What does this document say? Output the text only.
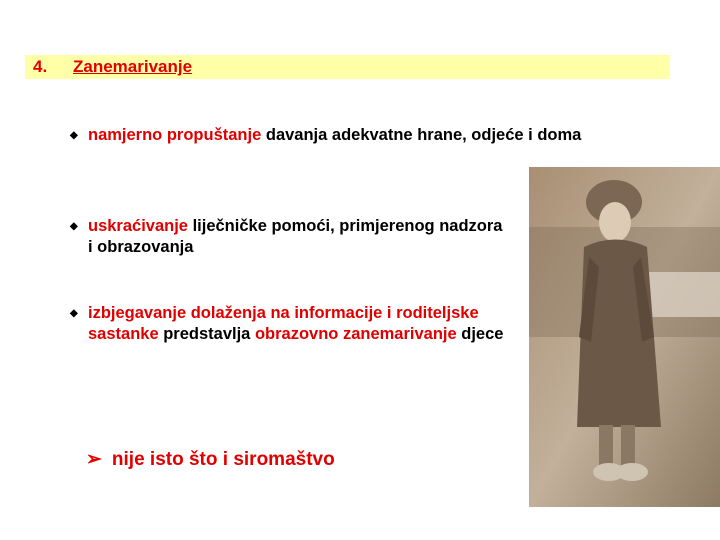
4. Zanemarivanje
◆ namjerno propuštanje davanja adekvatne hrane, odjeće i doma
◆ uskraćivanje liječničke pomoći, primjerenog nadzora i obrazovanja
◆ izbjegavanje dolaženja na informacije i roditeljske sastanke predstavlja obrazovno zanemarivanje djece
➢ nije isto što i siromaštvo
